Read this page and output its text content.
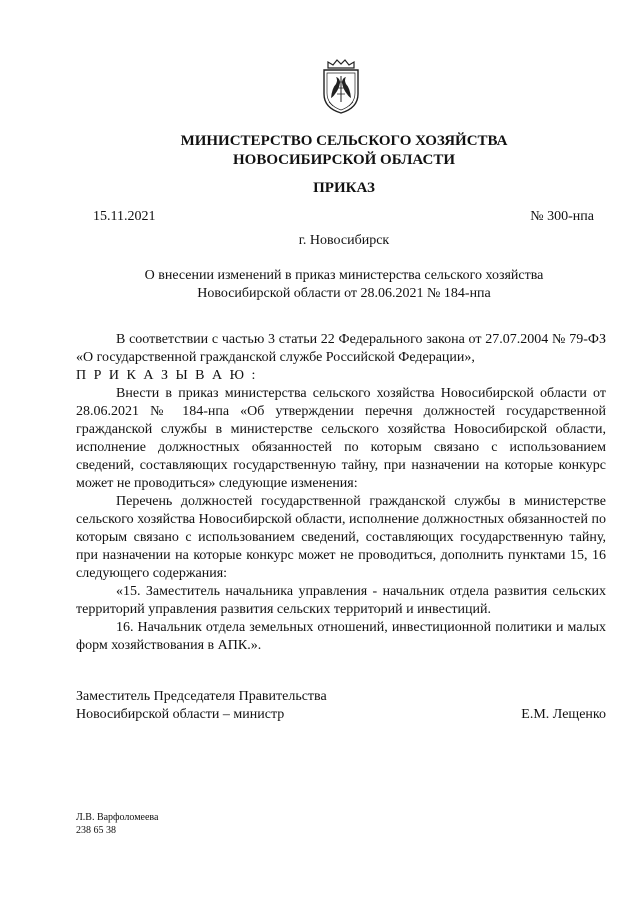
МИНИСТЕРСТВО СЕЛЬСКОГО ХОЗЯЙСТВА
НОВОСИБИРСКОЙ ОБЛАСТИ
ПРИКАЗ
15.11.2021	№ 300-нпа
г. Новосибирск
О внесении изменений в приказ министерства сельского хозяйства
Новосибирской области от 28.06.2021 № 184-нпа

В соответствии с частью 3 статьи 22 Федерального закона от 27.07.2004 № 79-ФЗ «О государственной гражданской службе Российской Федерации»,

П Р И К А З Ы В А Ю :

Внести в приказ министерства сельского хозяйства Новосибирской области от 28.06.2021 № 184-нпа «Об утверждении перечня должностей государственной гражданской службы в министерстве сельского хозяйства Новосибирской области, исполнение должностных обязанностей по которым связано с использованием сведений, составляющих государственную тайну, при назначении на которые конкурс может не проводиться» следующие изменения:

Перечень должностей государственной гражданской службы в министерстве сельского хозяйства Новосибирской области, исполнение должностных обязанностей по которым связано с использованием сведений, составляющих государственную тайну, при назначении на которые конкурс может не проводиться, дополнить пунктами 15, 16 следующего содержания:

«15. Заместитель начальника управления - начальник отдела развития сельских территорий управления развития сельских территорий и инвестиций.

16. Начальник отдела земельных отношений, инвестиционной политики и малых форм хозяйствования в АПК.».

Заместитель Председателя Правительства
Новосибирской области – министр	Е.М. Лещенко
Л.В. Варфоломеева
238 65 38
